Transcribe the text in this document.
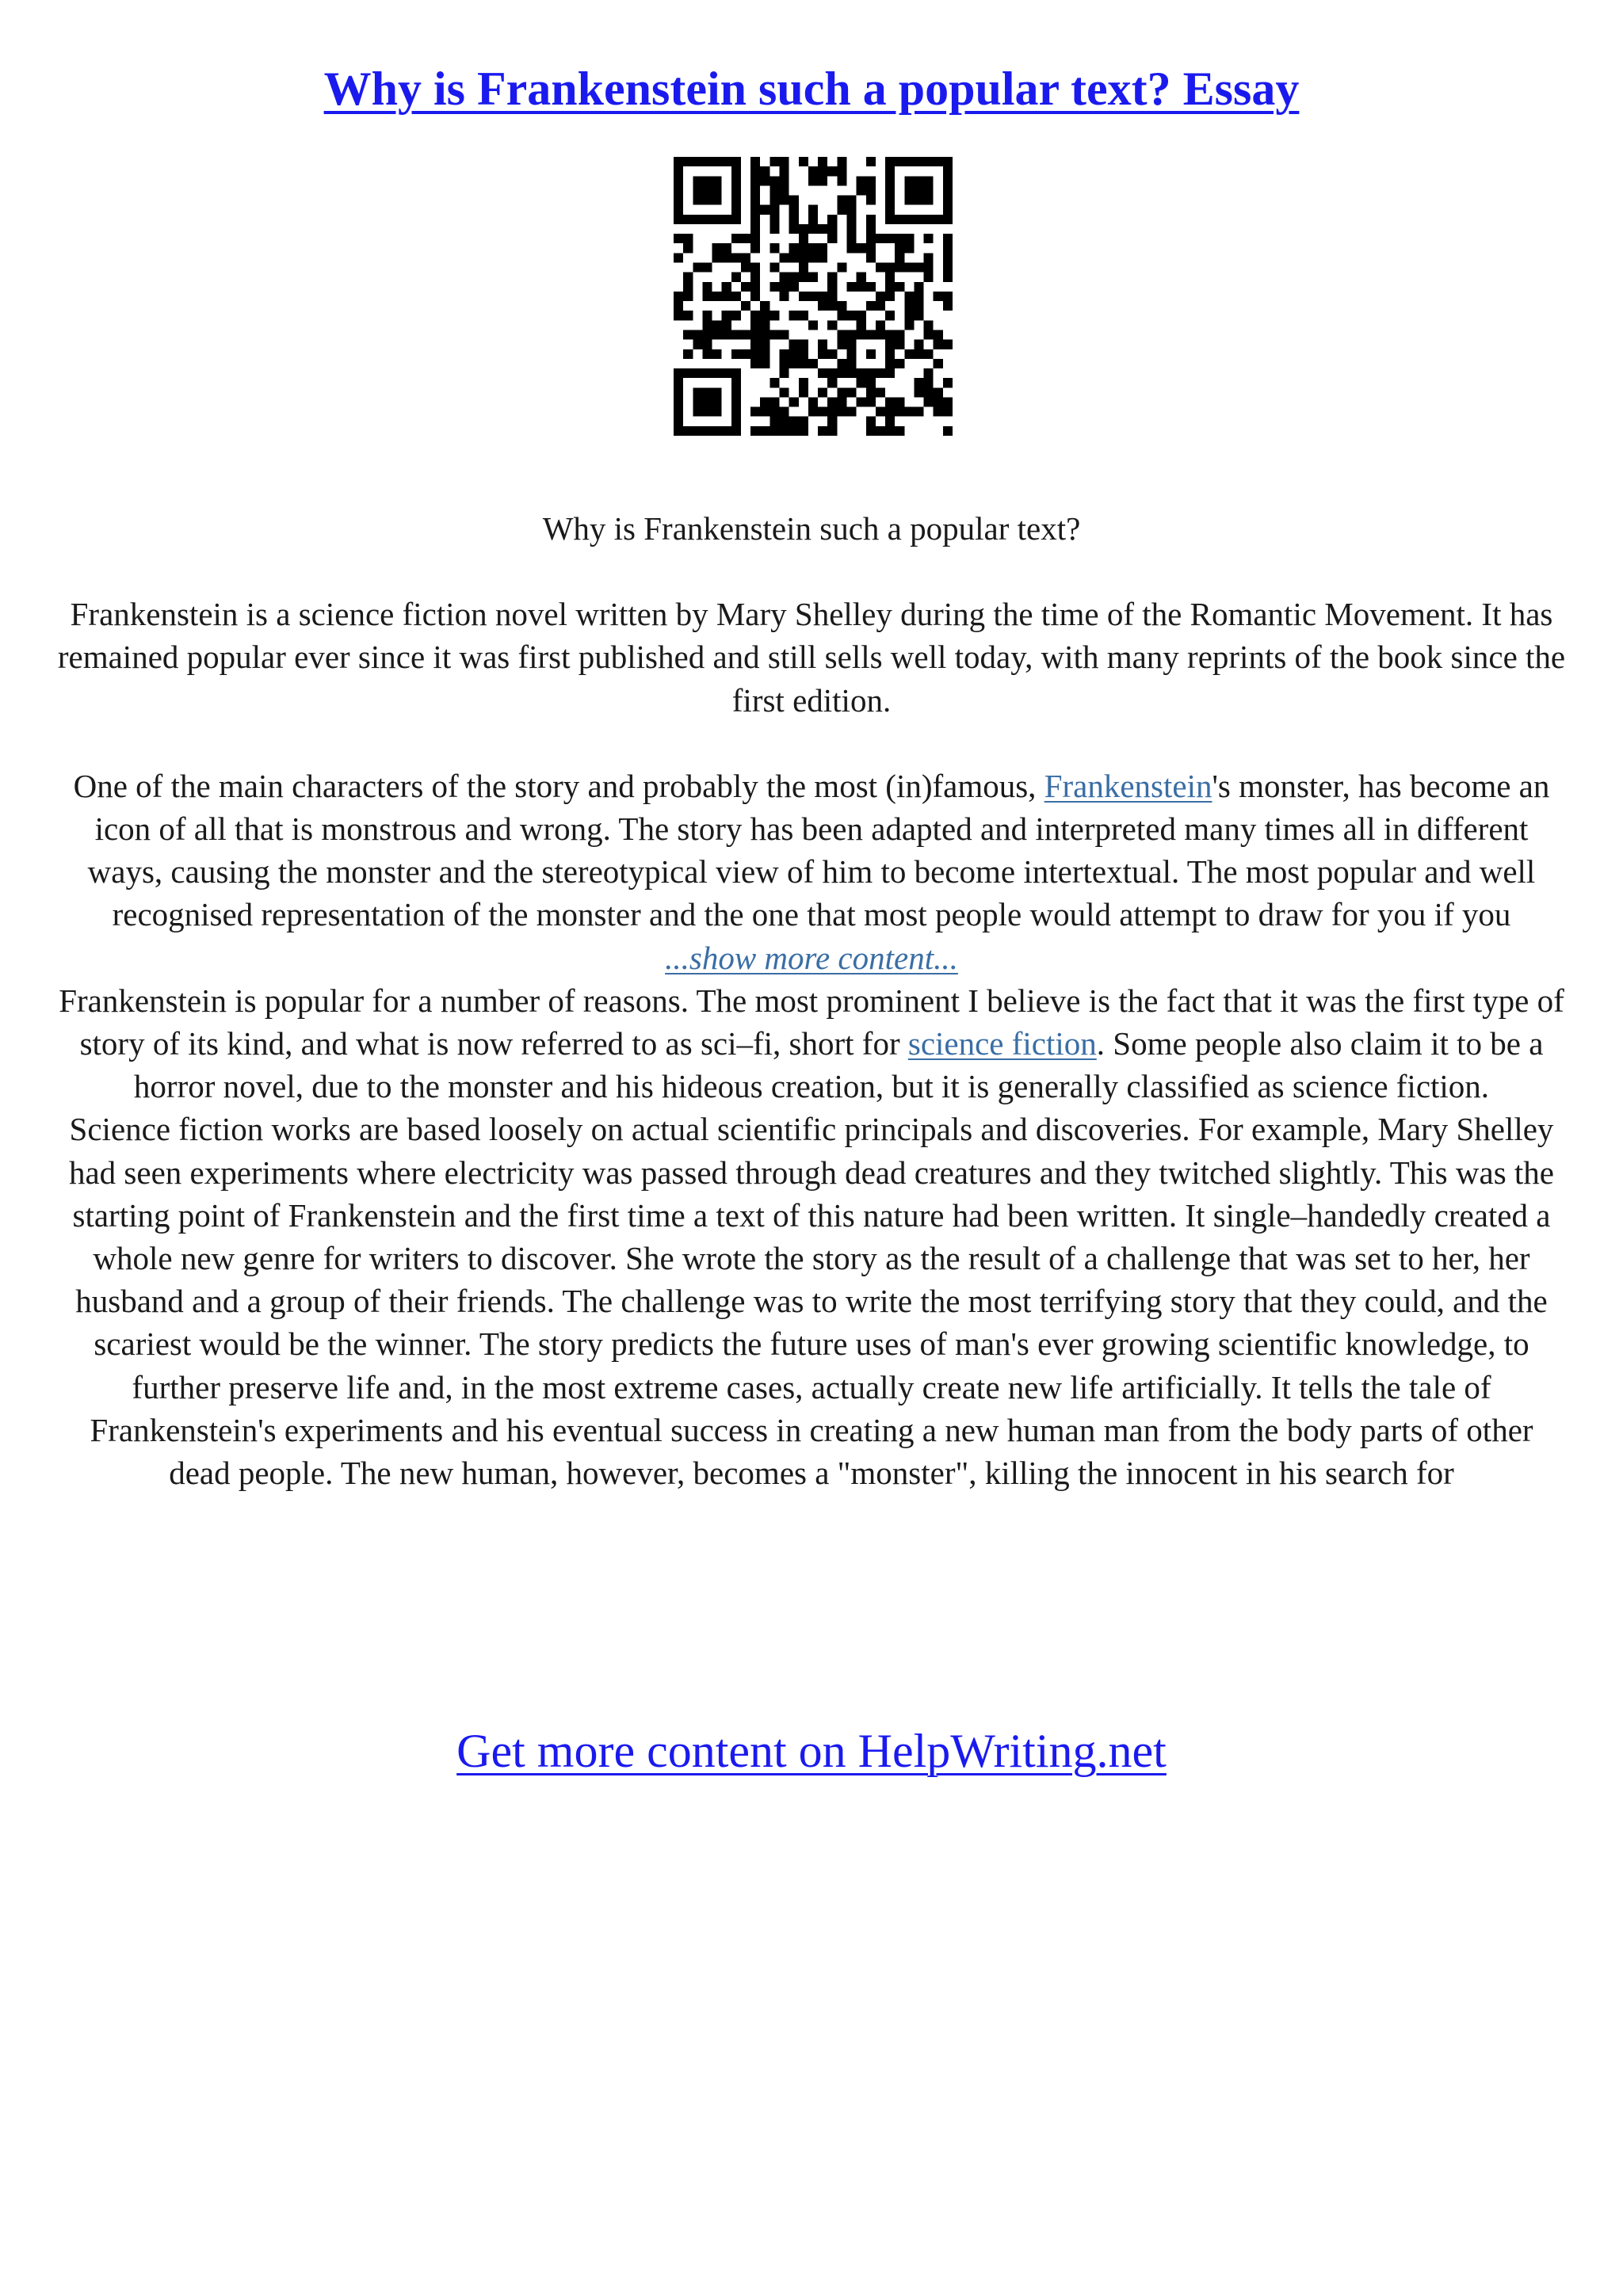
Why is Frankenstein such a popular text? Essay

Why is Frankenstein such a popular text?

Frankenstein is a science fiction novel written by Mary Shelley during the time of the Romantic Movement. It has remained popular ever since it was first published and still sells well today, with many reprints of the book since the first edition.

One of the main characters of the story and probably the most (in)famous, Frankenstein's monster, has become an icon of all that is monstrous and wrong. The story has been adapted and interpreted many times all in different ways, causing the monster and the stereotypical view of him to become intertextual. The most popular and well recognised representation of the monster and the one that most people would attempt to draw for you if you

...show more content...

Frankenstein is popular for a number of reasons. The most prominent I believe is the fact that it was the first type of story of its kind, and what is now referred to as sci–fi, short for science fiction. Some people also claim it to be a horror novel, due to the monster and his hideous creation, but it is generally classified as science fiction.

Science fiction works are based loosely on actual scientific principals and discoveries. For example, Mary Shelley had seen experiments where electricity was passed through dead creatures and they twitched slightly. This was the starting point of Frankenstein and the first time a text of this nature had been written. It single–handedly created a whole new genre for writers to discover. She wrote the story as the result of a challenge that was set to her, her husband and a group of their friends. The challenge was to write the most terrifying story that they could, and the scariest would be the winner. The story predicts the future uses of man's ever growing scientific knowledge, to further preserve life and, in the most extreme cases, actually create new life artificially. It tells the tale of Frankenstein's experiments and his eventual success in creating a new human man from the body parts of other dead people. The new human, however, becomes a "monster", killing the innocent in his search for

Get more content on HelpWriting.net
